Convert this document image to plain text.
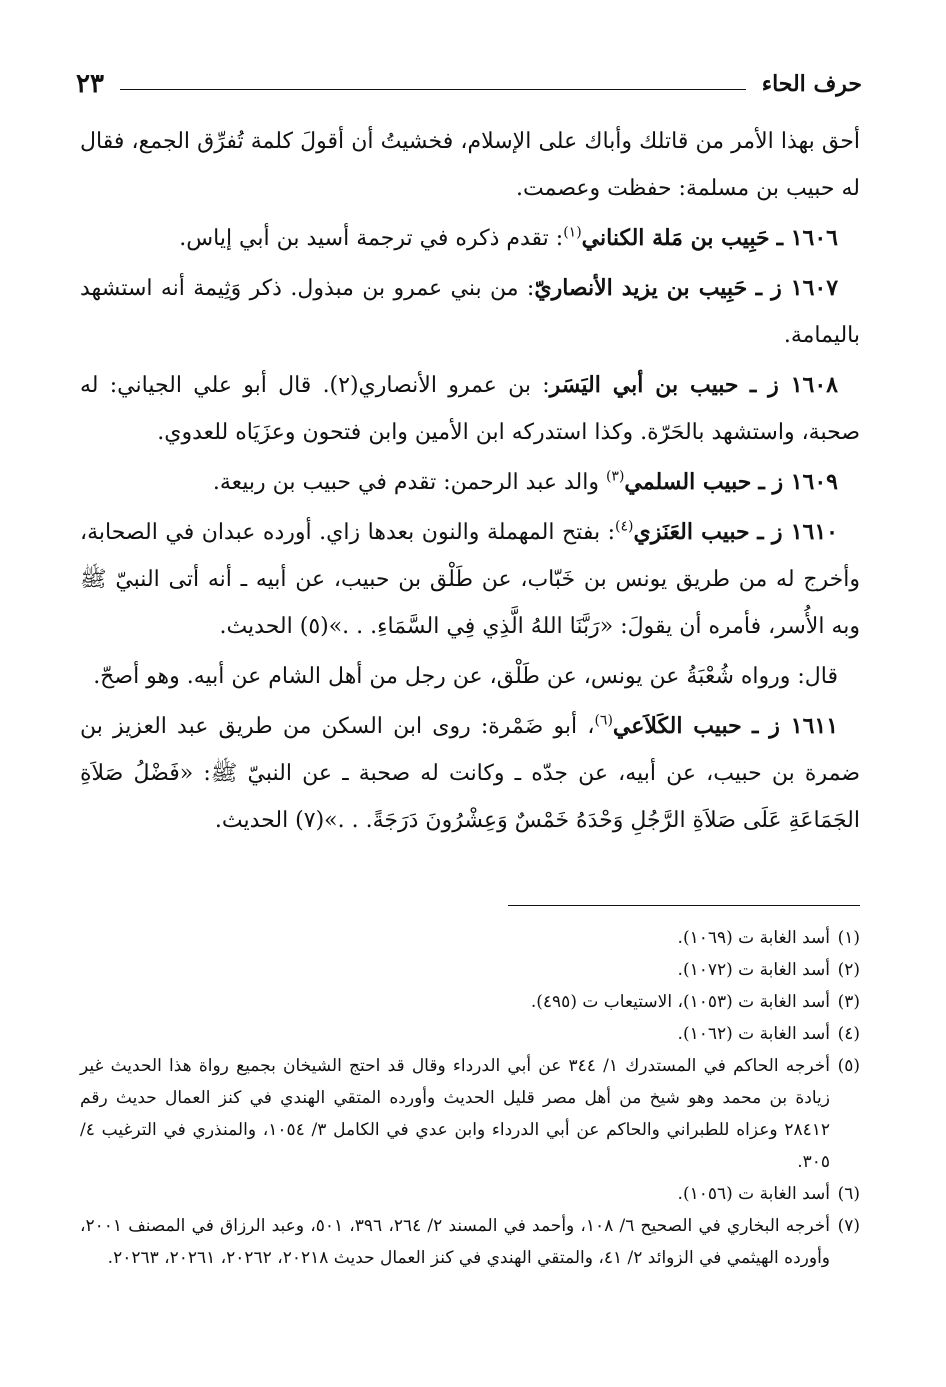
حرف الحاء
٢٣

أحق بهذا الأمر من قاتلك وأباك على الإسلام، فخشيتُ أن أقولَ كلمة تُفرِّق الجمع، فقال له حبيب بن مسلمة: حفظت وعصمت.

١٦٠٦ ـ حَبِيب بن مَلة الكناني$^{(١)}$: تقدم ذكره في ترجمة أسيد بن أبي إياس.

١٦٠٧ ز ـ حَبِيب بن يزيد الأنصاريّ: من بني عمرو بن مبذول. ذكر وَثِيمة أنه استشهد باليمامة.

١٦٠٨ ز ـ حبيب بن أبي اليَسَر: بن عمرو الأنصاري(٢). قال أبو علي الجياني: له صحبة، واستشهد بالحَرّة. وكذا استدركه ابن الأمين وابن فتحون وعزَيَاه للعدوي.

١٦٠٩ ز ـ حبيب السلمي$^{(٣)}$ والد عبد الرحمن: تقدم في حبيب بن ربيعة.

١٦١٠ ز ـ حبيب العَنَزي$^{(٤)}$: بفتح المهملة والنون بعدها زاي. أورده عبدان في الصحابة، وأخرج له من طريق يونس بن خَبّاب، عن طَلْق بن حبيب، عن أبيه ـ أنه أتى النبيّ ﷺ وبه الأُسر، فأمره أن يقولَ: «رَبَّنَا اللهُ الَّذِي فِي السَّمَاءِ. . .»(٥) الحديث.

قال: ورواه شُعْبَةُ عن يونس، عن طَلْق، عن رجل من أهل الشام عن أبيه. وهو أصحّ.

١٦١١ ز ـ حبيب الكَلاَعي$^{(٦)}$، أبو ضَمْرة: روى ابن السكن من طريق عبد العزيز بن ضمرة بن حبيب، عن أبيه، عن جدّه ـ وكانت له صحبة ـ عن النبيّ ﷺ: «فَضْلُ صَلاَةِ الجَمَاعَةِ عَلَى صَلاَةِ الرَّجُلِ وَحْدَهُ خَمْسٌ وَعِشْرُونَ دَرَجَةً. . .»(٧) الحديث.

(١)
أسد الغابة ت (١٠٦٩).

(٢)
أسد الغابة ت (١٠٧٢).

(٣)
أسد الغابة ت (١٠٥٣)، الاستيعاب ت (٤٩٥).

(٤)
أسد الغابة ت (١٠٦٢).

(٥)
أخرجه الحاكم في المستدرك ١/ ٣٤٤ عن أبي الدرداء وقال قد احتج الشيخان بجميع رواة هذا الحديث غير زيادة بن محمد وهو شيخ من أهل مصر قليل الحديث وأورده المتقي الهندي في كنز العمال حديث رقم ٢٨٤١٢ وعزاه للطبراني والحاكم عن أبي الدرداء وابن عدي في الكامل ٣/ ١٠٥٤، والمنذري في الترغيب ٤/ ٣٠٥.

(٦)
أسد الغابة ت (١٠٥٦).

(٧)
أخرجه البخاري في الصحيح ٦/ ١٠٨، وأحمد في المسند ٢/ ٢٦٤، ٣٩٦، ٥٠١، وعبد الرزاق في المصنف ٢٠٠١، وأورده الهيثمي في الزوائد ٢/ ٤١، والمتقي الهندي في كنز العمال حديث ٢٠٢١٨، ٢٠٢٦٢، ٢٠٢٦١، ٢٠٢٦٣.
